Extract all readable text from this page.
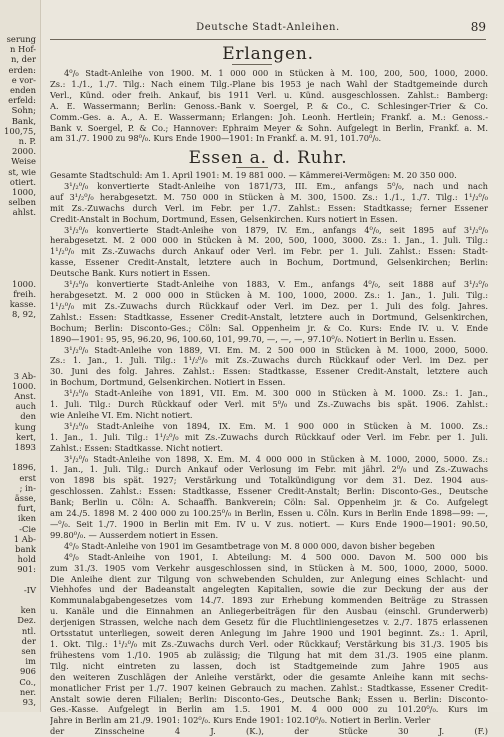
serung
n Hof-
n, der
erden:
e vor-
enden
erfeld:
Sohn;
Bank,
100,75,
n. P.
2000.
Weise
st, wie
otiert.
1000,
selben
ahlst.
1000.
freih.
kasse.
8, 92,
3 Ab-
1000.
Anst.
auch
den
kung
kert,
1893
1896,
erst
; in-
ässe,
furt,
iken
-Cie
1 Ab-
bank
hold
901:
-IV
ken
Dez.
ntl.
der
sen
im
906
Co.,
ner.
93,
Deutsche Stadt-Anleihen.	89
Erlangen.
4⁰/₀ Stadt-Anleihe von 1900. M. 1 000 000 in Stücken à M. 100, 200, 500, 1000, 2000.
Zs.: 1./1., 1./7. Tilg.: Nach einem Tilg.-Plane bis 1953 je nach Wahl der Stadtgemeinde durch
Verl., Künd. oder freih. Ankauf, bis 1911 Verl. u. Künd. ausgeschlossen. Zahlst.: Bamberg:
A. E. Wassermann; Berlin: Genoss.-Bank v. Soergel, P. & Co., C. Schlesinger-Trier & Co.
Comm.-Ges. a. A., A. E. Wassermann; Erlangen: Joh. Leonh. Hertlein; Frankf. a. M.: Genoss.-
Bank v. Soergel, P. & Co.; Hannover: Ephraim Meyer & Sohn. Aufgelegt in Berlin, Frankf. a. M.
am 31./7. 1900 zu 98⁰/₀. Kurs Ende 1900—1901: In Frankf. a. M. 91, 101.70⁰/₀.
Essen a. d. Ruhr.
Gesamte Stadtschuld: Am 1. April 1901: M. 19 881 000. — Kämmerei-Vermögen: M. 20 350 000.
3¹/₂⁰/₀ konvertierte Stadt-Anleihe von 1871/73, III. Em., anfangs 5⁰/₀, nach und nach
auf 3¹/₂⁰/₀ herabgesetzt. M. 750 000 in Stücken à M. 300, 1500. Zs.: 1./1., 1./7. Tilg.: 1¹/₂⁰/₀
mit Zs.-Zuwachs durch Verl. im Febr. per 1./7. Zahlst.: Essen: Stadtkasse; ferner Essener
Credit-Anstalt in Bochum, Dortmund, Essen, Gelsenkirchen. Kurs notiert in Essen.
3¹/₂⁰/₀ konvertierte Stadt-Anleihe von 1879, IV. Em., anfangs 4⁰/₀, seit 1895 auf 3¹/₂⁰/₀
herabgesetzt. M. 2 000 000 in Stücken à M. 200, 500, 1000, 3000. Zs.: 1. Jan., 1. Juli. Tilg.:
1¹/₂⁰/₀ mit Zs.-Zuwachs durch Ankauf oder Verl. im Febr. per 1. Juli. Zahlst.: Essen: Stadt-
kasse, Essener Credit-Anstalt, letztere auch in Bochum, Dortmund, Gelsenkirchen; Berlin:
Deutsche Bank. Kurs notiert in Essen.
3¹/₂⁰/₀ konvertierte Stadt-Anleihe von 1883, V. Em., anfangs 4⁰/₀, seit 1888 auf 3¹/₂⁰/₀
herabgesetzt. M. 2 000 000 in Stücken à M. 100, 1000, 2000. Zs.: 1. Jan., 1. Juli. Tilg.:
1¹/₂⁰/₀ mit Zs.-Zuwachs durch Rückkauf oder Verl. im Dez. per 1. Juli des folg. Jahres.
Zahlst.: Essen: Stadtkasse, Essener Credit-Anstalt, letztere auch in Dortmund, Gelsenkirchen,
Bochum; Berlin: Disconto-Ges.; Cöln: Sal. Oppenheim jr. & Co. Kurs: Ende IV. u. V. Ende
1890—1901: 95, 95, 96.20, 96, 100.60, 101, 99.70, —, —, —, 97.10⁰/₀. Notiert in Berlin u. Essen.
3¹/₂⁰/₀ Stadt-Anleihe von 1889, VI. Em. M. 2 500 000 in Stücken à M. 1000, 2000, 5000.
Zs.: 1. Jan., 1. Juli. Tilg.: 1¹/₂⁰/₀ mit Zs.-Zuwachs durch Rückkauf oder Verl. im Dez. per
30. Juni des folg. Jahres. Zahlst.: Essen: Stadtkasse, Essener Credit-Anstalt, letztere auch
in Bochum, Dortmund, Gelsenkirchen. Notiert in Essen.
3¹/₂⁰/₀ Stadt-Anleihe von 1891, VII. Em. M. 300 000 in Stücken à M. 1000. Zs.: 1. Jan.,
1. Juli. Tilg.: Durch Rückkauf oder Verl. mit 5⁰/₀ und Zs.-Zuwachs bis spät. 1906. Zahlst.:
wie Anleihe VI. Em. Nicht notiert.
3¹/₂⁰/₀ Stadt-Anleihe von 1894, IX. Em. M. 1 900 000 in Stücken à M. 1000. Zs.:
1. Jan., 1. Juli. Tilg.: 1¹/₂⁰/₀ mit Zs.-Zuwachs durch Rückkauf oder Verl. im Febr. per 1. Juli.
Zahlst.: Essen: Stadtkasse. Nicht notiert.
3¹/₂⁰/₀ Stadt-Anleihe von 1898, X. Em. M. 4 000 000 in Stücken à M. 1000, 2000, 5000. Zs.:
1. Jan., 1. Juli. Tilg.: Durch Ankauf oder Verlosung im Febr. mit jährl. 2⁰/₀ und Zs.-Zuwachs
von 1898 bis spät. 1927; Verstärkung und Totalkündigung vor dem 31. Dez. 1904 aus-
geschlossen. Zahlst.: Essen: Stadtkasse, Essener Credit-Anstalt; Berlin: Disconto-Ges., Deutsche
Bank; Berlin u. Cöln: A. Schaaffh. Bankverein; Cöln: Sal. Oppenheim jr. & Co. Aufgelegt
am 24./5. 1898 M. 2 400 000 zu 100.25⁰/₀ in Berlin, Essen u. Cöln. Kurs in Berlin Ende 1898—99: —,
—⁰/₀. Seit 1./7. 1900 in Berlin mit Em. IV u. V zus. notiert. — Kurs Ende 1900—1901: 90.50,
99.80⁰/₀. — Ausserdem notiert in Essen.
4⁰/₀ Stadt-Anleihe von 1901 im Gesamtbetrage von M. 8 000 000, davon bisher begeben
4⁰/₀ Stadt-Anleihe von 1901, I. Abteilung: M. 4 500 000. Davon M. 500 000 bis
zum 31./3. 1905 vom Verkehr ausgeschlossen sind, in Stücken à M. 500, 1000, 2000, 5000.
Die Anleihe dient zur Tilgung von schwebenden Schulden, zur Anlegung eines Schlacht- und
Viehhofes und der Badeanstalt angelegten Kapitalien, sowie die zur Deckung der aus der
Kommunalabgabengesetzes vom 14./7. 1893 zur Erhebung kommenden Beiträge zu Strassen
u. Kanäle und die Einnahmen an Anliegerbeiträgen für den Ausbau (einschl. Grunderwerb)
derjenigen Strassen, welche nach dem Gesetz für die Fluchtliniengesetzes v. 2./7. 1875 erlassenen
Ortsstatut unterliegen, soweit deren Anlegung im Jahre 1900 und 1901 beginnt. Zs.: 1. April,
1. Okt. Tilg.: 1¹/₂⁰/₀ mit Zs.-Zuwachs durch Verl. oder Rückkauf; Verstärkung bis 31./3. 1905 bis
frühestens vom 1./10. 1905 ab zulässig; die Tilgung hat mit dem 31./3. 1905 eine planm.
Tilg. nicht eintreten zu lassen, doch ist Stadtgemeinde zum Jahre 1905 aus
den weiteren Zuschlägen der Anleihe verstärkt, oder die gesamte Anleihe kann mit sechs-
monatlicher Frist per 1./7. 1907 keinen Gebrauch zu machen. Zahlst.: Stadtkasse, Essener Credit-
Anstalt sowie deren Filialen; Berlin: Disconto-Ges., Deutsche Bank; Essen u. Berlin: Disconto-
Ges.-Kasse. Aufgelegt in Berlin am 1.5. 1901 M. 4 000 000 zu 101.20⁰/₀. Kurs im
Jahre in Berlin am 21./9. 1901: 102⁰/₀. Kurs Ende 1901: 102.10⁰/₀. Notiert in Berlin. Verler
der Zinsscheine 4 J. (K.), der Stücke 30 J. (F.)
